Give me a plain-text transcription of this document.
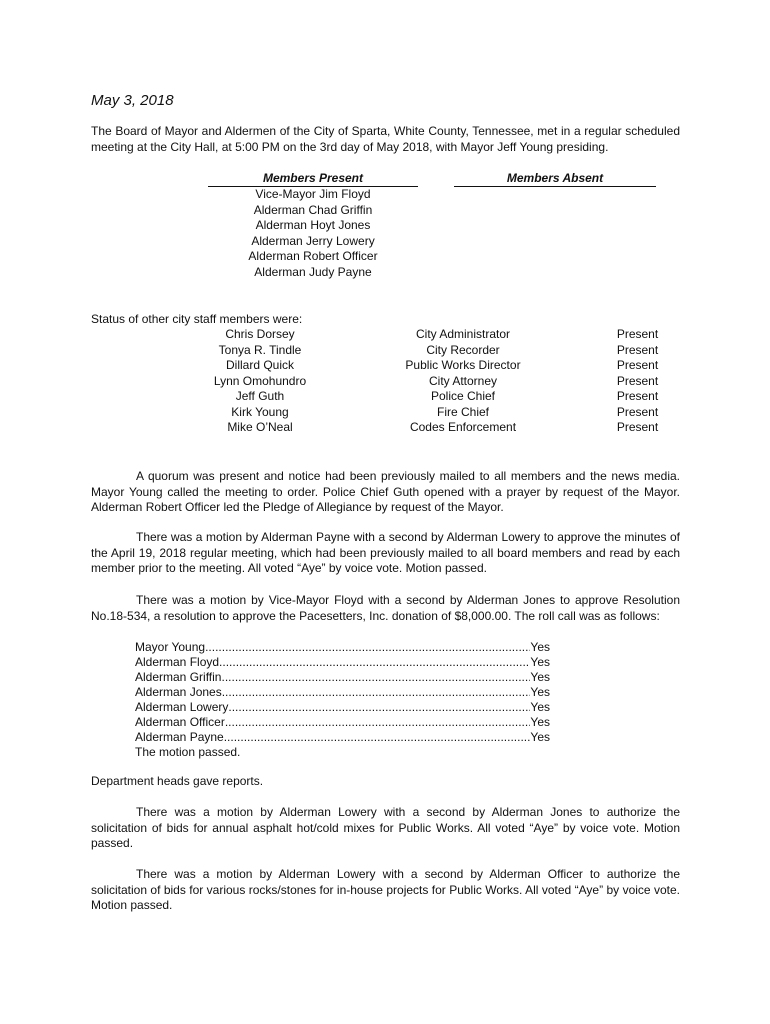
May 3, 2018
The Board of Mayor and Aldermen of the City of Sparta, White County, Tennessee, met in a regular scheduled meeting at the City Hall, at 5:00 PM on the 3rd day of May 2018, with Mayor Jeff Young presiding.
Members Present	Members Absent
Vice-Mayor Jim Floyd
Alderman Chad Griffin
Alderman Hoyt Jones
Alderman Jerry Lowery
Alderman Robert Officer
Alderman Judy Payne
Status of other city staff members were:
Chris Dorsey	City Administrator	Present
Tonya R. Tindle	City Recorder	Present
Dillard Quick	Public Works Director	Present
Lynn Omohundro	City Attorney	Present
Jeff Guth	Police Chief	Present
Kirk Young	Fire Chief	Present
Mike O’Neal	Codes Enforcement	Present
A quorum was present and notice had been previously mailed to all members and the news media. Mayor Young called the meeting to order. Police Chief Guth opened with a prayer by request of the Mayor. Alderman Robert Officer led the Pledge of Allegiance by request of the Mayor.
There was a motion by Alderman Payne with a second by Alderman Lowery to approve the minutes of the April 19, 2018 regular meeting, which had been previously mailed to all board members and read by each member prior to the meeting. All voted “Aye” by voice vote. Motion passed.
There was a motion by Vice-Mayor Floyd with a second by Alderman Jones to approve Resolution No.18-534, a resolution to approve the Pacesetters, Inc. donation of $8,000.00. The roll call was as follows:
Mayor Young .....	Yes
Alderman Floyd .....	Yes
Alderman Griffin .....	Yes
Alderman Jones .....	Yes
Alderman Lowery .....	Yes
Alderman Officer .....	Yes
Alderman Payne .....	Yes
The motion passed.
Department heads gave reports.
There was a motion by Alderman Lowery with a second by Alderman Jones to authorize the solicitation of bids for annual asphalt hot/cold mixes for Public Works. All voted “Aye” by voice vote. Motion passed.
There was a motion by Alderman Lowery with a second by Alderman Officer to authorize the solicitation of bids for various rocks/stones for in-house projects for Public Works. All voted “Aye” by voice vote. Motion passed.
